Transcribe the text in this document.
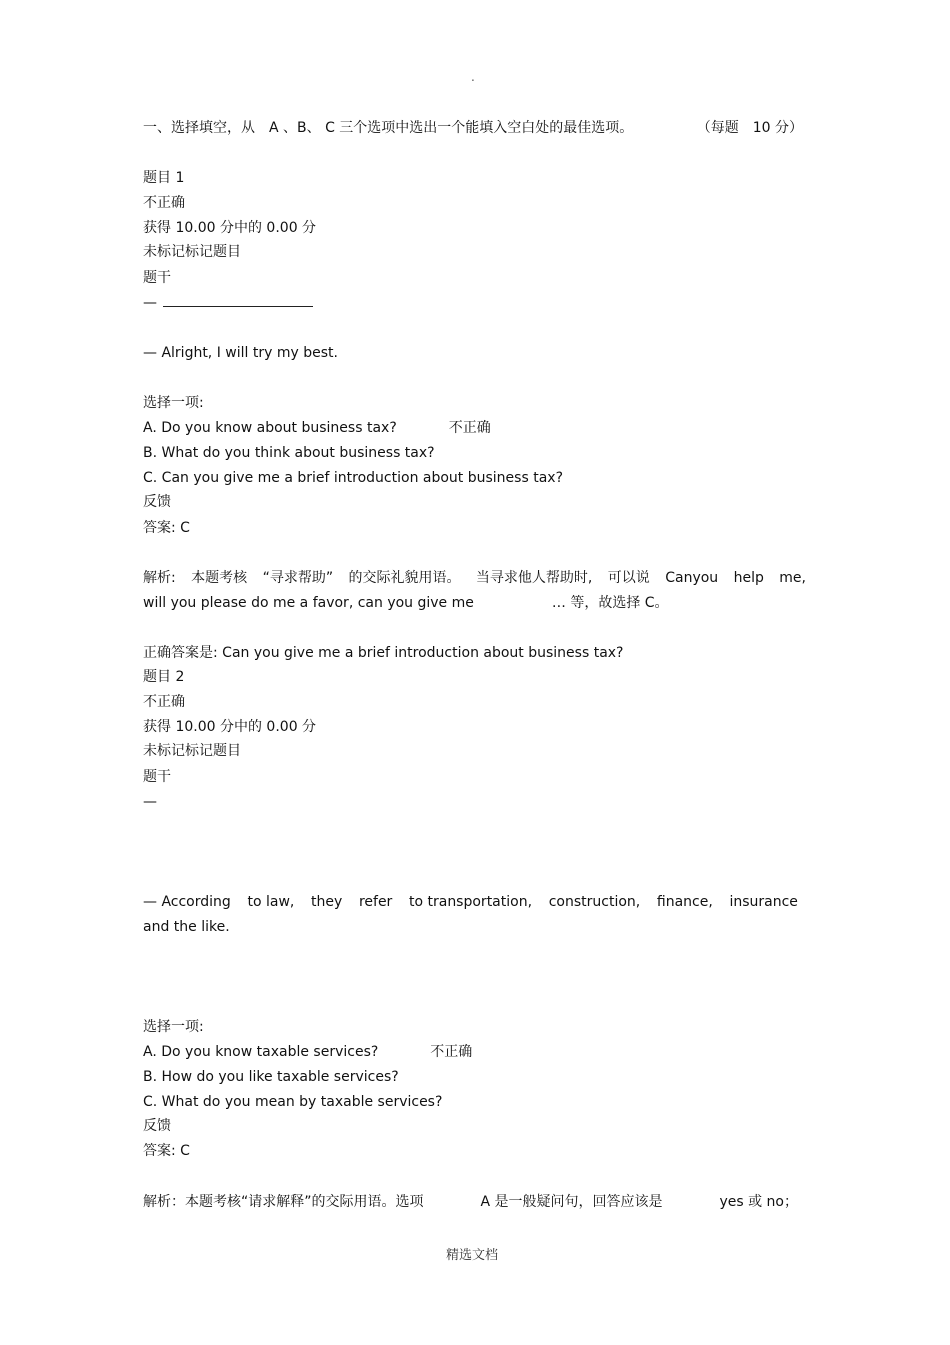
.
一、选择填空，从　A 、B、 C 三个选项中选出一个能填入空白处的最佳选项。	（每题　10 分）
题目 1
不正确
获得 10.00 分中的 0.00 分
未标记标记题目
题干
—
— Alright, I will try my best.
选择一项:
A. Do you know about business tax?	不正确
B. What do you think about business tax?
C. Can you give me a brief introduction about business tax?
反馈
答案: C
解析: 本题考核 “寻求帮助” 的交际礼貌用语。 当寻求他人帮助时, 可以说 Canyou help me,
will you please do me a favor, can you give me	… 等，故选择 C。
正确答案是: Can you give me a brief introduction about business tax?
题目 2
不正确
获得 10.00 分中的 0.00 分
未标记标记题目
题干
—
— According to law, they refer to transportation, construction, finance, insurance
and the like.
选择一项:
A. Do you know taxable services?	不正确
B. How do you like taxable services?
C. What do you mean by taxable services?
反馈
答案: C
解析：本题考核“请求解释”的交际用语。选项	A 是一般疑问句，回答应该是	yes 或 no；
精选文档
